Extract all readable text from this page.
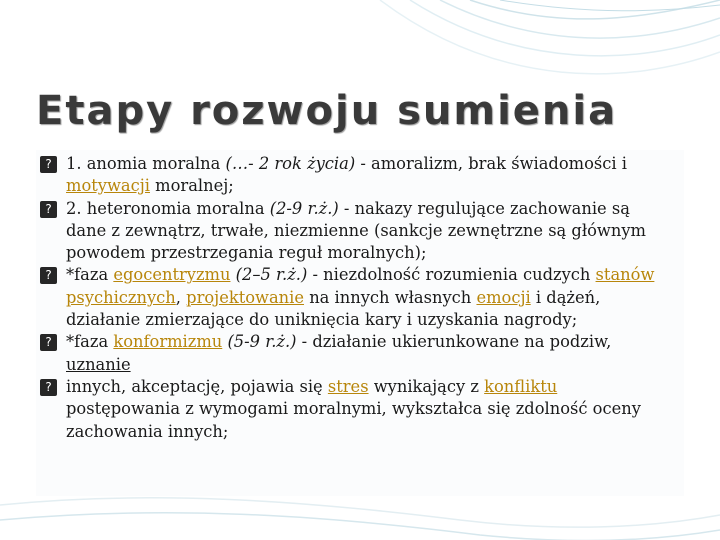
Etapy rozwoju sumienia
? 1. anomia moralna (…- 2 rok życia) - amoralizm, brak świadomości i motywacji moralnej;
? 2. heteronomia moralna (2-9 r.ż.) - nakazy regulujące zachowanie są dane z zewnątrz, trwałe, niezmienne (sankcje zewnętrzne są głównym powodem przestrzegania reguł moralnych);
? *faza egocentryzmu (2–5 r.ż.) - niezdolność rozumienia cudzych stanów psychicznych, projektowanie na innych własnych emocji i dążeń, działanie zmierzające do uniknięcia kary i uzyskania nagrody;
? *faza konformizmu (5-9 r.ż.) - działanie ukierunkowane na podziw, uznanie
? innych, akceptację, pojawia się stres wynikający z konfliktu postępowania z wymogami moralnymi, wykształca się zdolność oceny zachowania innych;
